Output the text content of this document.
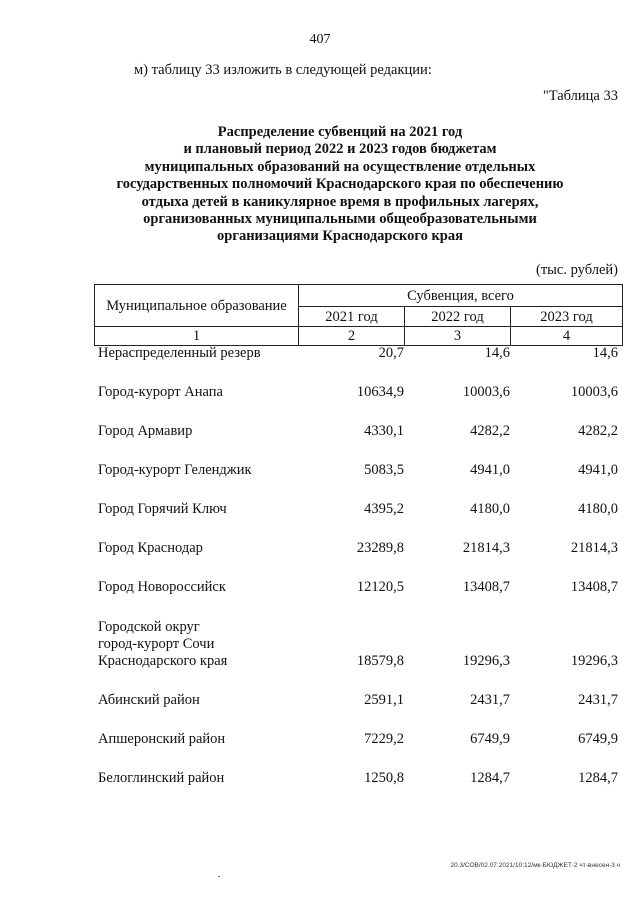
407
м) таблицу 33 изложить в следующей редакции:
"Таблица 33
Распределение субвенций на 2021 год
и плановый период 2022 и 2023 годов бюджетам
муниципальных образований на осуществление отдельных
государственных полномочий Краснодарского края по обеспечению
отдыха детей в каникулярное время в профильных лагерях,
организованных муниципальными общеобразовательными
организациями Краснодарского края
(тыс. рублей)
Муниципальное образование	Субвенция, всего		
	2021 год	2022 год	2023 год
1	2	3	4
Нераспределенный резерв	20,7	14,6	14,6
Город-курорт Анапа	10634,9	10003,6	10003,6
Город Армавир	4330,1	4282,2	4282,2
Город-курорт Геленджик	5083,5	4941,0	4941,0
Город Горячий Ключ	4395,2	4180,0	4180,0
Город Краснодар	23289,8	21814,3	21814,3
Город Новороссийск	12120,5	13408,7	13408,7
Городской округ
город-курорт Сочи
Краснодарского края	18579,8	19296,3	19296,3
Абинский район	2591,1	2431,7	2431,7
Апшеронский район	7229,2	6749,9	6749,9
Белоглинский район	1250,8	1284,7	1284,7
20.3/СОВ/02.07.2021/10:12/мк-БЮДЖЕТ-2 чт-внесен-3 ч
